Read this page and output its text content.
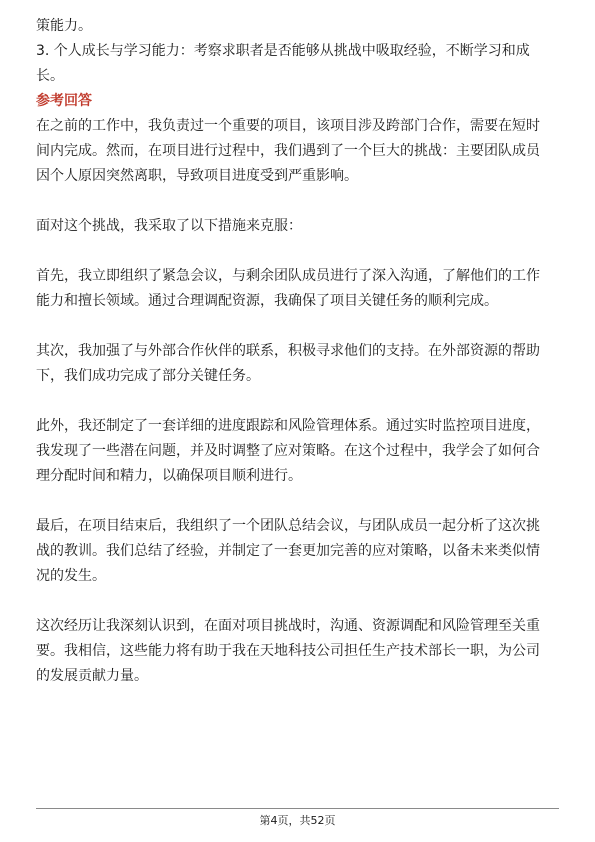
策能力。

3. 个人成长与学习能力：考察求职者是否能够从挑战中吸取经验，不断学习和成

长。

参考回答

在之前的工作中，我负责过一个重要的项目，该项目涉及跨部门合作，需要在短时

间内完成。然而，在项目进行过程中，我们遇到了一个巨大的挑战：主要团队成员

因个人原因突然离职，导致项目进度受到严重影响。

面对这个挑战，我采取了以下措施来克服：

首先，我立即组织了紧急会议，与剩余团队成员进行了深入沟通，了解他们的工作

能力和擅长领域。通过合理调配资源，我确保了项目关键任务的顺利完成。

其次，我加强了与外部合作伙伴的联系，积极寻求他们的支持。在外部资源的帮助

下，我们成功完成了部分关键任务。

此外，我还制定了一套详细的进度跟踪和风险管理体系。通过实时监控项目进度，

我发现了一些潜在问题，并及时调整了应对策略。在这个过程中，我学会了如何合

理分配时间和精力，以确保项目顺利进行。

最后，在项目结束后，我组织了一个团队总结会议，与团队成员一起分析了这次挑

战的教训。我们总结了经验，并制定了一套更加完善的应对策略，以备未来类似情

况的发生。

这次经历让我深刻认识到，在面对项目挑战时，沟通、资源调配和风险管理至关重

要。我相信，这些能力将有助于我在天地科技公司担任生产技术部长一职，为公司

的发展贡献力量。

第4页，共52页
